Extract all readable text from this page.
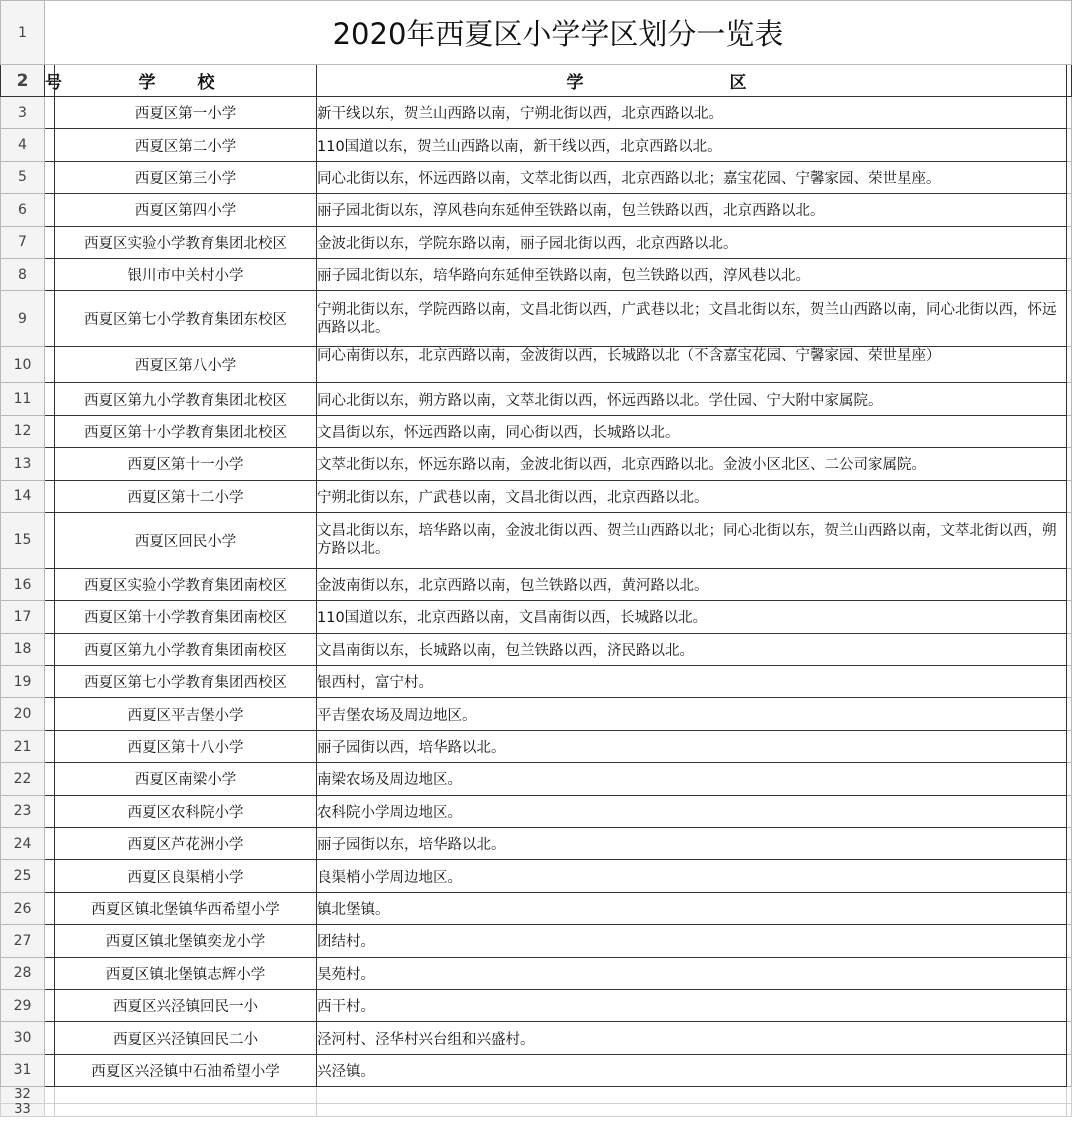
1	2020年西夏区小学学区划分一览表			
2	号	学 校	学 区	
3		西夏区第一小学	新干线以东，贺兰山西路以南，宁朔北街以西，北京西路以北。	
4		西夏区第二小学	110国道以东，贺兰山西路以南，新干线以西，北京西路以北。	
5		西夏区第三小学	同心北街以东，怀远西路以南，文萃北街以西，北京西路以北；嘉宝花园、宁馨家园、荣世星座。	
6		西夏区第四小学	丽子园北街以东，淳风巷向东延伸至铁路以南，包兰铁路以西，北京西路以北。	
7		西夏区实验小学教育集团北校区	金波北街以东，学院东路以南，丽子园北街以西，北京西路以北。	
8		银川市中关村小学	丽子园北街以东，培华路向东延伸至铁路以南，包兰铁路以西，淳风巷以北。	
9		西夏区第七小学教育集团东校区	宁朔北街以东，学院西路以南，文昌北街以西，广武巷以北；文昌北街以东，贺兰山西路以南，同心北街以西，怀远西路以北。	

10		西夏区第八小学	同心南街以东，北京西路以南，金波街以西，长城路以北（不含嘉宝花园、宁馨家园、荣世星座）	

11		西夏区第九小学教育集团北校区	同心北街以东，朔方路以南，文萃北街以西，怀远西路以北。学仕园、宁大附中家属院。	
12		西夏区第十小学教育集团北校区	文昌街以东，怀远西路以南，同心街以西，长城路以北。	
13		西夏区第十一小学	文萃北街以东，怀远东路以南，金波北街以西，北京西路以北。金波小区北区、二公司家属院。	
14		西夏区第十二小学	宁朔北街以东，广武巷以南，文昌北街以西，北京西路以北。	
15		西夏区回民小学	文昌北街以东，培华路以南，金波北街以西、贺兰山西路以北；同心北街以东，贺兰山西路以南，文萃北街以西，朔方路以北。	

16		西夏区实验小学教育集团南校区	金波南街以东，北京西路以南，包兰铁路以西，黄河路以北。	
17		西夏区第十小学教育集团南校区	110国道以东，北京西路以南，文昌南街以西，长城路以北。	
18		西夏区第九小学教育集团南校区	文昌南街以东，长城路以南，包兰铁路以西，济民路以北。	
19		西夏区第七小学教育集团西校区	银西村，富宁村。	
20		西夏区平吉堡小学	平吉堡农场及周边地区。	
21		西夏区第十八小学	丽子园街以西，培华路以北。	
22		西夏区南梁小学	南梁农场及周边地区。	
23		西夏区农科院小学	农科院小学周边地区。	
24		西夏区芦花洲小学	丽子园街以东，培华路以北。	
25		西夏区良渠梢小学	良渠梢小学周边地区。	
26		西夏区镇北堡镇华西希望小学	镇北堡镇。	
27		西夏区镇北堡镇奕龙小学	团结村。	
28		西夏区镇北堡镇志辉小学	昊苑村。	
29		西夏区兴泾镇回民一小	西干村。	
30		西夏区兴泾镇回民二小	泾河村、泾华村兴台组和兴盛村。	
31		西夏区兴泾镇中石油希望小学	兴泾镇。	
32				
33				
